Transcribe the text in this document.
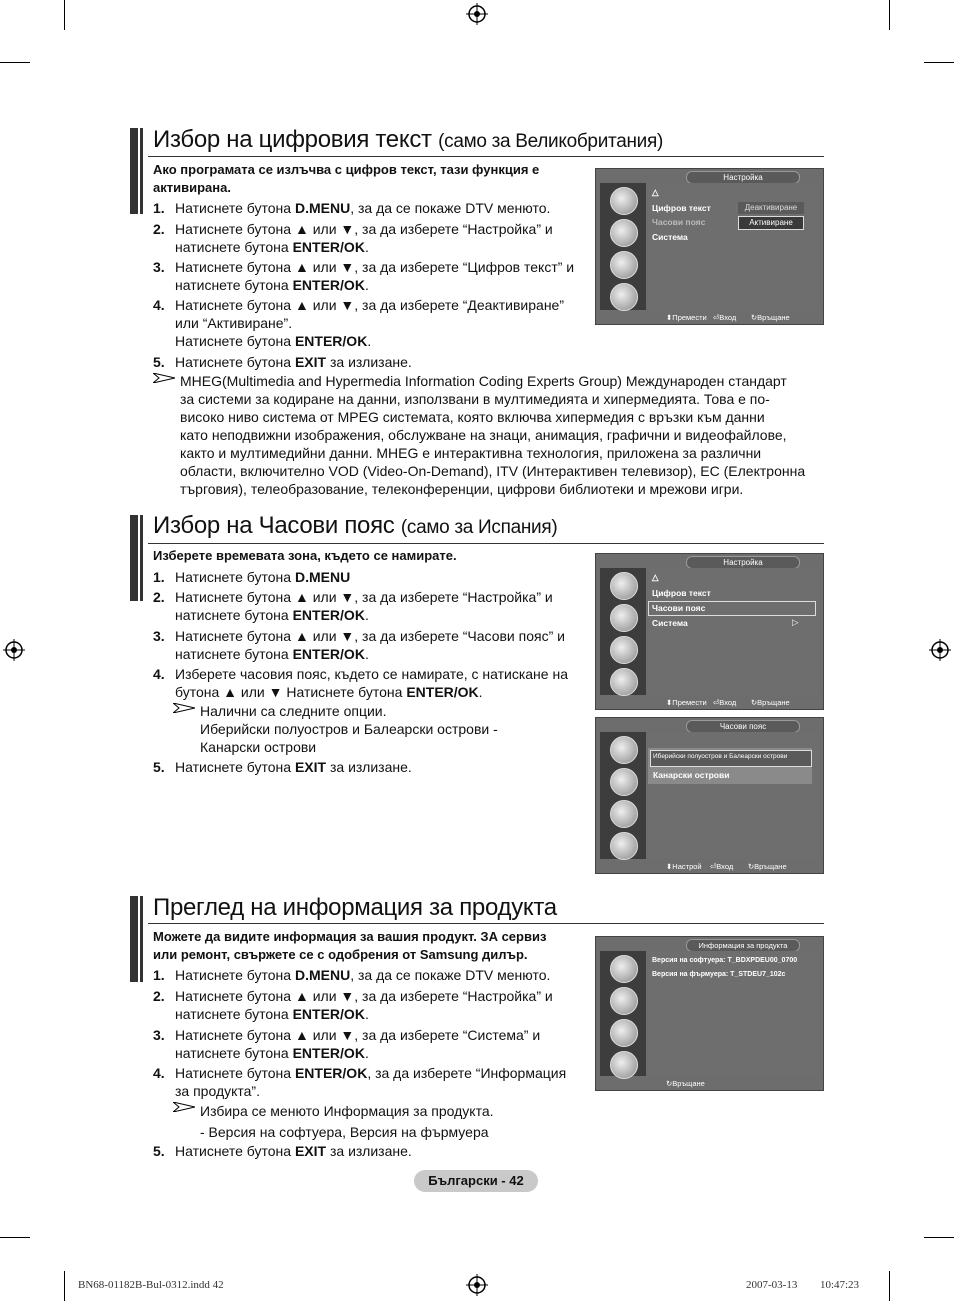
Избор на цифровия текст (само за Великобритания)
Ако програмата се излъчва с цифров текст, тази функция е
активирана.
1. Натиснете бутона D.MENU, за да се покаже DTV менюто.
2. Натиснете бутона ▲ или ▼, за да изберете “Настройка” и
натиснете бутона ENTER/OK.
3. Натиснете бутона ▲ или ▼, за да изберете “Цифров текст” и
натиснете бутона ENTER/OK.
4. Натиснете бутона ▲ или ▼, за да изберете “Деактивиране”
или “Активиране”.
Натиснете бутона ENTER/OK.
5. Натиснете бутона EXIT за излизане.
MHEG(Multimedia and Hypermedia Information Coding Experts Group) Международен стандарт
за системи за кодиране на данни, използвани в мултимедията и хипермедията. Това е по-
високо ниво система от MPEG системата, която включва хипермедия с връзки към данни
като неподвижни изображения, обслужване на знаци, анимация, графични и видеофайлове,
както и мултимедийни данни. MHEG е интерактивна технология, приложена за различни
области, включително VOD (Video-On-Demand), ITV (Интерактивен телевизор), EC (Електронна
търговия), телеобразование, телеконференции, цифрови библиотеки и мрежови игри.
Настройка
△
Цифров текст
Часови пояс
Система
Деактивиране
Активиране
⬍Премести ⏎Вход ↻Връщане
Избор на Часови пояс (само за Испания)
Изберете времевата зона, където се намирате.
1. Натиснете бутона D.MENU
2. Натиснете бутона ▲ или ▼, за да изберете “Настройка” и
натиснете бутона ENTER/OK.
3. Натиснете бутона ▲ или ▼, за да изберете “Часови пояс” и
натиснете бутона ENTER/OK.
4. Изберете часовия пояс, където се намирате, с натискане на
бутона ▲ или ▼ Натиснете бутона ENTER/OK.
Налични са следните опции.
Иберийски полуостров и Балеарски острови -
Канарски острови
5. Натиснете бутона EXIT за излизане.
Настройка
△
Цифров текст
Часови пояс
Система	▷
⬍Премести ⏎Вход ↻Връщане
Часови пояс
Иберийски полуостров и Балеарски острови
Канарски острови
⬍Настрой ⏎Вход ↻Връщане
Преглед на информация за продукта
Можете да видите информация за вашия продукт. ЗА сервиз
или ремонт, свържете се с одобрения от Samsung дилър.
1. Натиснете бутона D.MENU, за да се покаже DTV менюто.
2. Натиснете бутона ▲ или ▼, за да изберете “Настройка” и
натиснете бутона ENTER/OK.
3. Натиснете бутона ▲ или ▼, за да изберете “Система” и
натиснете бутона ENTER/OK.
4. Натиснете бутона ENTER/OK, за да изберете “Информация
за продукта”.
Избира се менюто Информация за продукта.
- Версия на софтуера, Версия на фърмуера
5. Натиснете бутона EXIT за излизане.
Информация за продукта
Версия на софтуера: T_BDXPDEU00_0700
Версия на фърмуера: T_STDEU7_102c
↻Връщане
Български - 42
BN68-01182B-Bul-0312.indd 42	2007-03-13 ￿￿ 10:47:23
